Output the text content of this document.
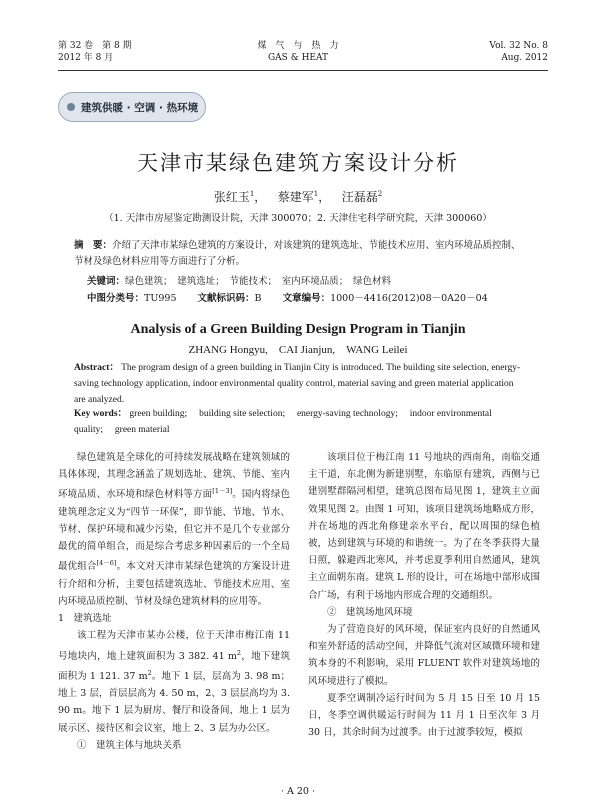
第 32 卷　第 8 期
2012 年 8 月
煤　气　与　热　力
GAS & HEAT
Vol. 32 No. 8
Aug. 2012
建筑供暖 · 空调 · 热环境
天津市某绿色建筑方案设计分析
张红玉$^1$，   蔡建军$^1$，   汪磊磊$^2$
（1. 天津市房屋鉴定勘测设计院，天津 300070；2. 天津住宅科学研究院，天津 300060）
摘　要：介绍了天津市某绿色建筑的方案设计，对该建筑的建筑选址、节能技术应用、室内环境品质控制、节材及绿色材料应用等方面进行了分析。
关键词：绿色建筑；　建筑选址；　节能技术；　室内环境品质；　绿色材料
中图分类号：TU995 文献标识码：B 文章编号：1000－4416(2012)08－0A20－04
Analysis of a Green Building Design Program in Tianjin
ZHANG Hongyu,　CAI Jianjun,　WANG Leilei
Abstract： The program design of a green building in Tianjin City is introduced. The building site selection, energy-saving technology application, indoor environmental quality control, material saving and green material application are analyzed.
Key words： green building;　 building site selection;　 energy-saving technology;　 indoor environmental quality;　 green material

绿色建筑是全球化的可持续发展战略在建筑领域的具体体现，其理念涵盖了规划选址、建筑、节能、室内环境品质、水环境和绿色材料等方面[1－3]。国内将绿色建筑理念定义为“四节一环保”，即节能、节地、节水、节材、保护环境和减少污染，但它并不是几个专业部分最优的简单组合，而是综合考虑多种因素后的一个全局最优组合[4－6]。本文对天津市某绿色建筑的方案设计进行介绍和分析，主要包括建筑选址、节能技术应用、室内环境品质控制、节材及绿色建筑材料的应用等。

1　建筑选址

该工程为天津市某办公楼，位于天津市梅江南 11 号地块内，地上建筑面积为 3 382. 41 $m^2$，地下建筑面积为 1 121. 37 $m^2$。地下 1 层，层高为 3. 98 m；地上 3 层，首层层高为 4. 50 m，2、3 层层高均为 3. 90 m。地下 1 层为厨房、餐厅和设备间，地上 1 层为展示区、接待区和会议室，地上 2、3 层为办公区。

①　建筑主体与地块关系

该项目位于梅江南 11 号地块的西南角，南临交通主干道，东北侧为新建别墅，东临原有建筑，西侧与已建别墅群隔河相望，建筑总图布局见图 1，建筑主立面效果见图 2。由图 1 可知，该项目建筑场地略成方形，并在场地的西北角修建亲水平台，配以周围的绿色植被，达到建筑与环境的和谐统一。为了在冬季获得大量日照，躲避西北寒风，并考虑夏季利用自然通风，建筑主立面朝东南。建筑 L 形的设计，可在场地中部形成围合广场，有利于场地内形成合理的交通组织。

②　建筑场地风环境

为了营造良好的风环境，保证室内良好的自然通风和室外舒适的活动空间，并降低气流对区域微环境和建筑本身的不利影响，采用 FLUENT 软件对建筑场地的风环境进行了模拟。

夏季空调制冷运行时间为 5 月 15 日至 10 月 15 日，冬季空调供暖运行时间为 11 月 1 日至次年 3 月 30 日，其余时间为过渡季。由于过渡季较短，模拟

· A 20 ·
